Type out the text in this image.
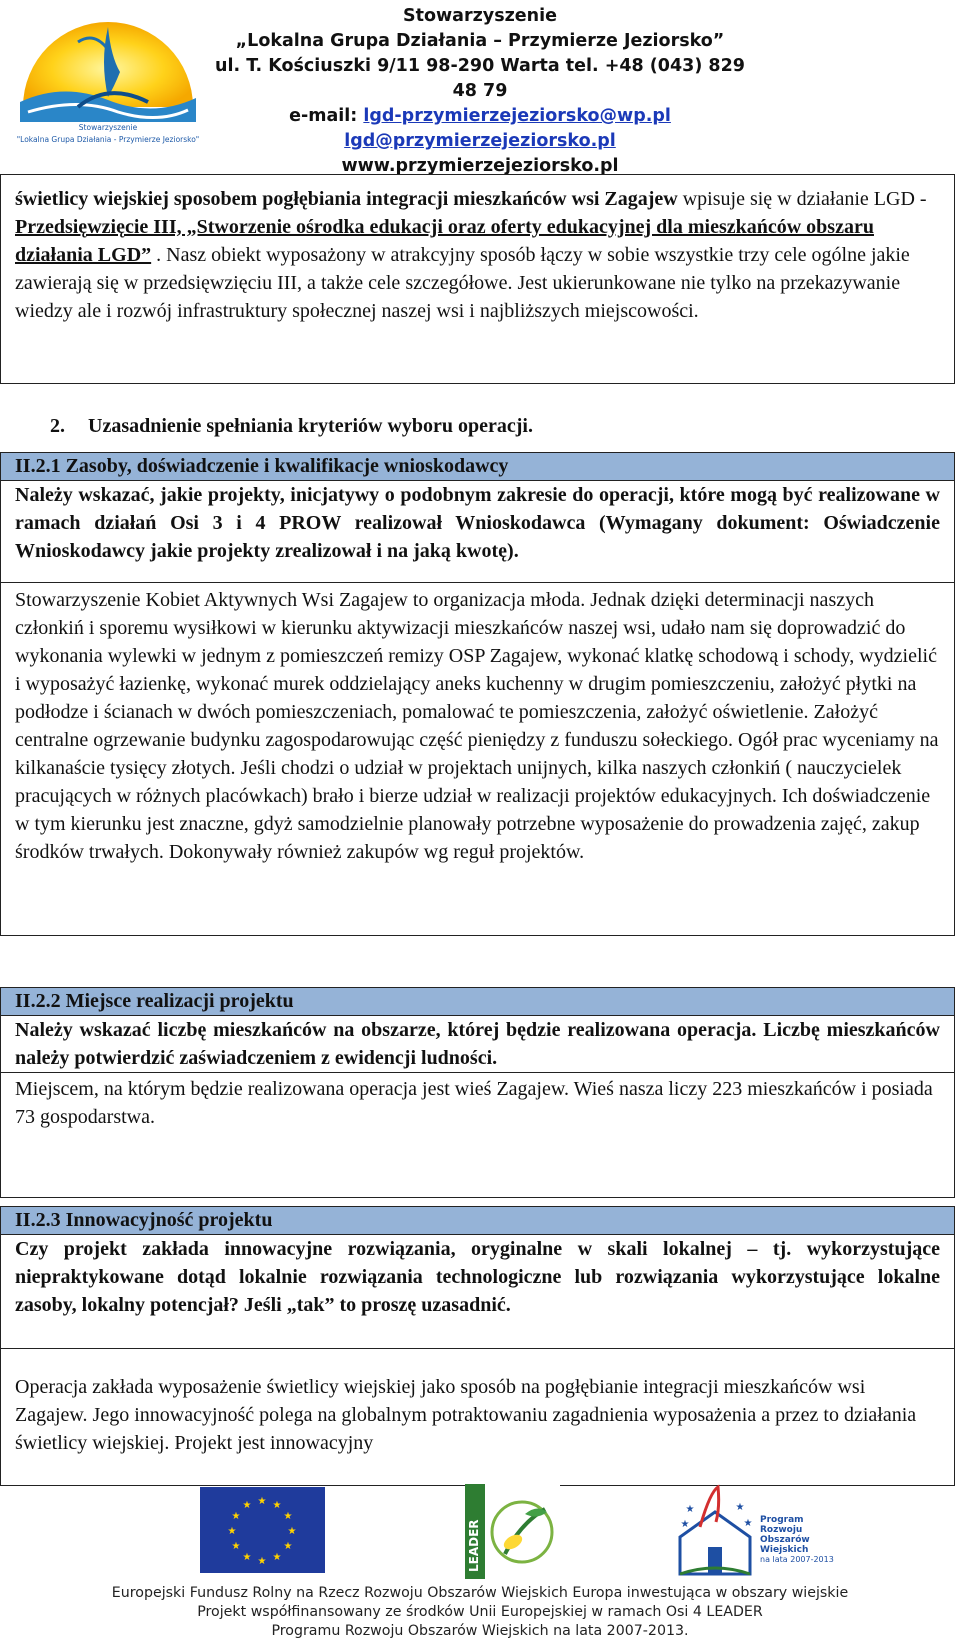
Stowarzyszenie
"Lokalna Grupa Działania - Przymierze Jeziorsko"
Stowarzyszenie
„Lokalna Grupa Działania – Przymierze Jeziorsko”
ul. T. Kościuszki 9/11 98-290 Warta tel. +48 (043) 829 48 79
e-mail: lgd-przymierzejeziorsko@wp.pl
lgd@przymierzejeziorsko.pl
www.przymierzejeziorsko.pl
świetlicy wiejskiej sposobem pogłębiania integracji mieszkańców wsi Zagajew wpisuje się w działanie LGD - Przedsięwzięcie III, „Stworzenie ośrodka edukacji oraz oferty edukacyjnej dla mieszkańców obszaru działania LGD” . Nasz obiekt wyposażony w atrakcyjny sposób łączy w sobie wszystkie trzy cele ogólne jakie zawierają się w przedsięwzięciu III, a także cele szczegółowe. Jest ukierunkowane nie tylko na przekazywanie wiedzy ale i rozwój infrastruktury społecznej naszej wsi i najbliższych miejscowości.
2. Uzasadnienie spełniania kryteriów wyboru operacji.
II.2.1 Zasoby, doświadczenie i kwalifikacje wnioskodawcy
Należy wskazać, jakie projekty, inicjatywy o podobnym zakresie do operacji, które mogą być realizowane w ramach działań Osi 3 i 4 PROW realizował Wnioskodawca (Wymagany dokument: Oświadczenie Wnioskodawcy jakie projekty zrealizował i na jaką kwotę).
Stowarzyszenie Kobiet Aktywnych Wsi Zagajew to organizacja młoda. Jednak dzięki determinacji naszych członkiń i sporemu wysiłkowi w kierunku aktywizacji mieszkańców naszej wsi, udało nam się doprowadzić do wykonania wylewki w jednym z pomieszczeń remizy OSP Zagajew, wykonać klatkę schodową i schody, wydzielić i wyposażyć łazienkę, wykonać murek oddzielający aneks kuchenny w drugim pomieszczeniu, założyć płytki na podłodze i ścianach w dwóch pomieszczeniach, pomalować te pomieszczenia, założyć oświetlenie. Założyć centralne ogrzewanie budynku zagospodarowując część pieniędzy z funduszu sołeckiego. Ogół prac wyceniamy na kilkanaście tysięcy złotych. Jeśli chodzi o udział w projektach unijnych, kilka naszych członkiń ( nauczycielek pracujących w różnych placówkach) brało i bierze udział w realizacji projektów edukacyjnych. Ich doświadczenie w tym kierunku jest znaczne, gdyż samodzielnie planowały potrzebne wyposażenie do prowadzenia zajęć, zakup środków trwałych. Dokonywały również zakupów wg reguł projektów.
II.2.2 Miejsce realizacji projektu
Należy wskazać liczbę mieszkańców na obszarze, której będzie realizowana operacja. Liczbę mieszkańców należy potwierdzić zaświadczeniem z ewidencji ludności.
Miejscem, na którym będzie realizowana operacja jest wieś Zagajew. Wieś nasza liczy 223 mieszkańców i posiada 73 gospodarstwa.
II.2.3 Innowacyjność projektu
Czy projekt zakłada innowacyjne rozwiązania, oryginalne w skali lokalnej – tj. wykorzystujące niepraktykowane dotąd lokalnie rozwiązania technologiczne lub rozwiązania wykorzystujące lokalne zasoby, lokalny potencjał? Jeśli „tak” to proszę uzasadnić.
Operacja zakłada wyposażenie świetlicy wiejskiej jako sposób na pogłębianie integracji mieszkańców wsi Zagajew. Jego innowacyjność polega na globalnym potraktowaniu zagadnienia wyposażenia a przez to działania świetlicy wiejskiej. Projekt jest innowacyjny
★ ★
★
★
★
★
★
★
★
★
★
★
LEADER
★	★
★	★ Program
Rozwoju
Obszarów
Wiejskich
na lata 2007-2013
Europejski Fundusz Rolny na Rzecz Rozwoju Obszarów Wiejskich Europa inwestująca w obszary wiejskie
Projekt współfinansowany ze środków Unii Europejskiej w ramach Osi 4 LEADER
Programu Rozwoju Obszarów Wiejskich na lata 2007-2013.
